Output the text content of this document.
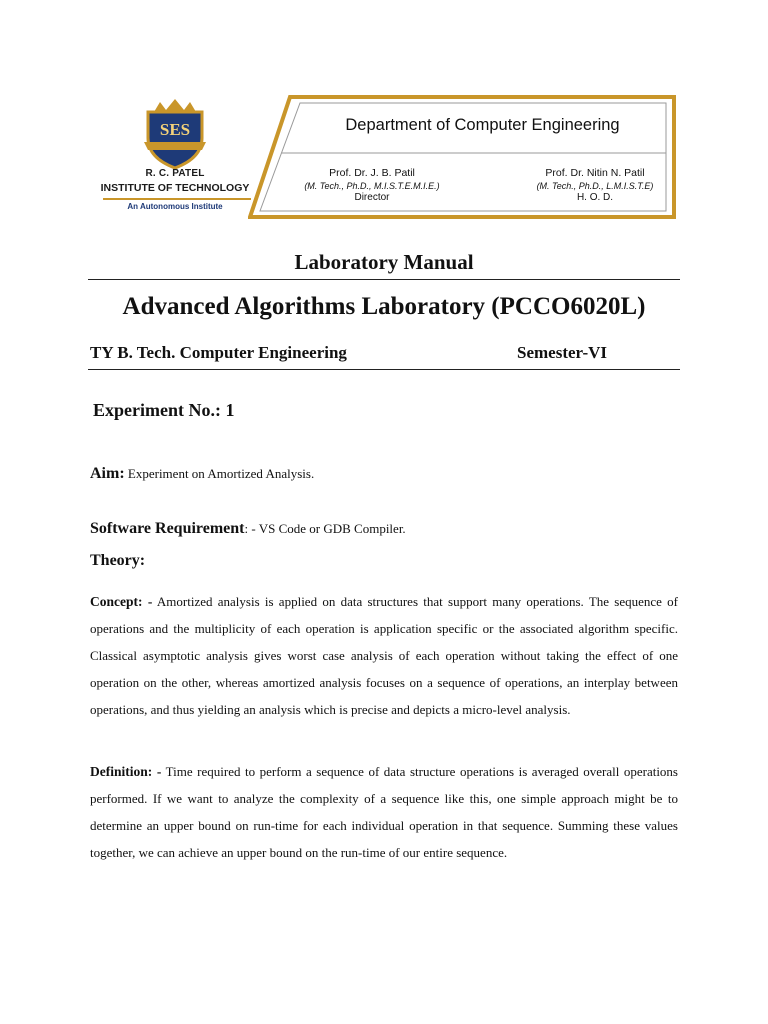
SES
R. C. PATEL
INSTITUTE OF TECHNOLOGY
An Autonomous Institute
Department of Computer Engineering
Prof. Dr. J. B. Patil
(M. Tech., Ph.D., M.I.S.T.E.M.I.E.)
Director
Prof. Dr. Nitin N. Patil
(M. Tech., Ph.D., L.M.I.S.T.E)
H. O. D.
Laboratory Manual
Advanced Algorithms Laboratory (PCCO6020L)
TY B. Tech. Computer Engineering	Semester-VI
Experiment No.: 1
Aim: Experiment on Amortized Analysis.
Software Requirement: - VS Code or GDB Compiler.
Theory:
Concept: - Amortized analysis is applied on data structures that support many operations. The sequence of operations and the multiplicity of each operation is application specific or the associated algorithm specific. Classical asymptotic analysis gives worst case analysis of each operation without taking the effect of one operation on the other, whereas amortized analysis focuses on a sequence of operations, an interplay between operations, and thus yielding an analysis which is precise and depicts a micro-level analysis.
Definition: - Time required to perform a sequence of data structure operations is averaged overall operations performed. If we want to analyze the complexity of a sequence like this, one simple approach might be to determine an upper bound on run-time for each individual operation in that sequence. Summing these values together, we can achieve an upper bound on the run-time of our entire sequence.
